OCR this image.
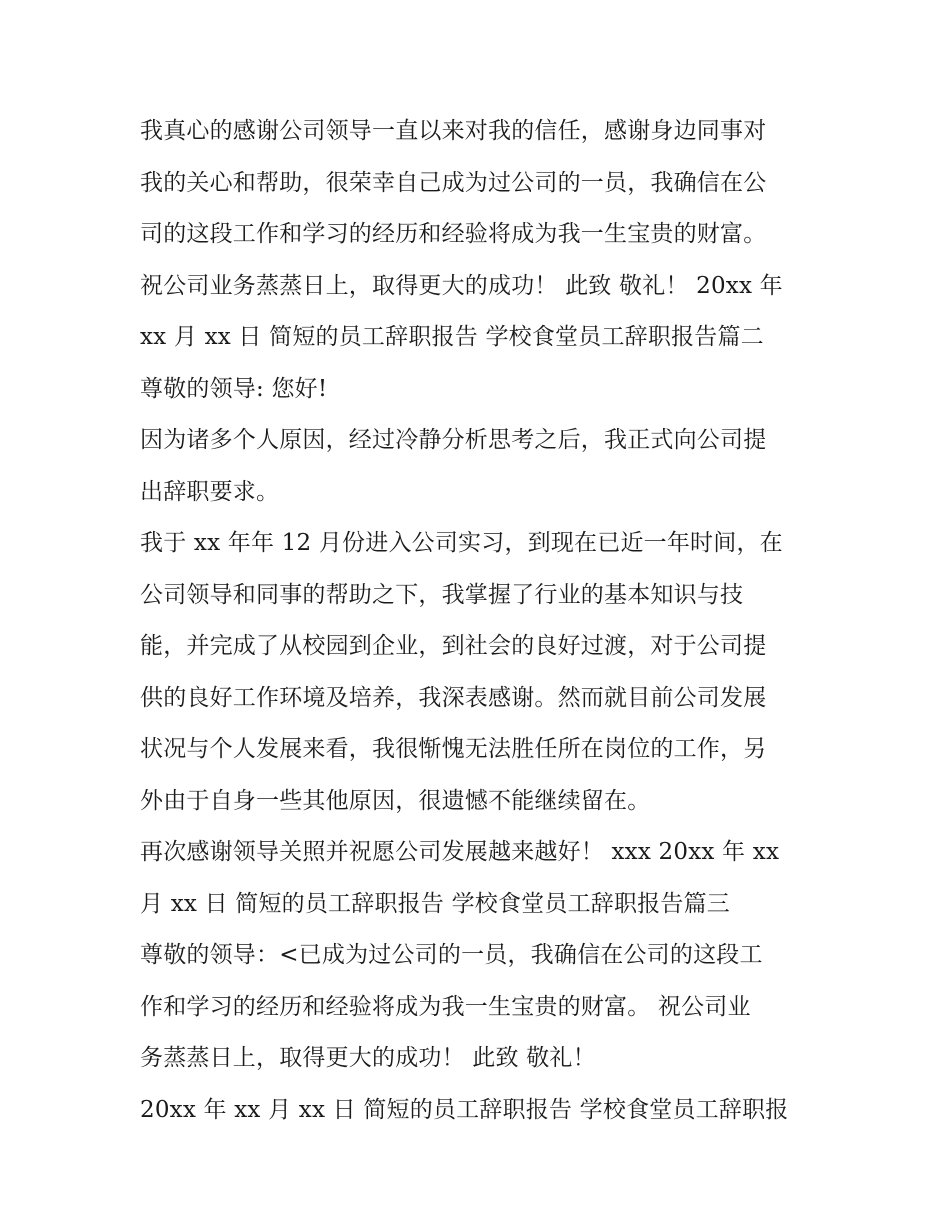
我真心的感谢公司领导一直以来对我的信任，感谢身边同事对
我的关心和帮助，很荣幸自己成为过公司的一员，我确信在公
司的这段工作和学习的经历和经验将成为我一生宝贵的财富。
祝公司业务蒸蒸日上，取得更大的成功！ 此致 敬礼！ 20xx 年
xx 月 xx 日 简短的员工辞职报告 学校食堂员工辞职报告篇二
尊敬的领导: 您好!
因为诸多个人原因，经过冷静分析思考之后，我正式向公司提
出辞职要求。
我于 xx 年年 12 月份进入公司实习，到现在已近一年时间，在
公司领导和同事的帮助之下，我掌握了行业的基本知识与技
能，并完成了从校园到企业，到社会的良好过渡，对于公司提
供的良好工作环境及培养，我深表感谢。然而就目前公司发展
状况与个人发展来看，我很惭愧无法胜任所在岗位的工作，另
外由于自身一些其他原因，很遗憾不能继续留在。
再次感谢领导关照并祝愿公司发展越来越好！ xxx 20xx 年 xx
月 xx 日 简短的员工辞职报告 学校食堂员工辞职报告篇三
尊敬的领导：<已成为过公司的一员，我确信在公司的这段工
作和学习的经历和经验将成为我一生宝贵的财富。 祝公司业
务蒸蒸日上，取得更大的成功！ 此致 敬礼！
20xx 年 xx 月 xx 日 简短的员工辞职报告 学校食堂员工辞职报
